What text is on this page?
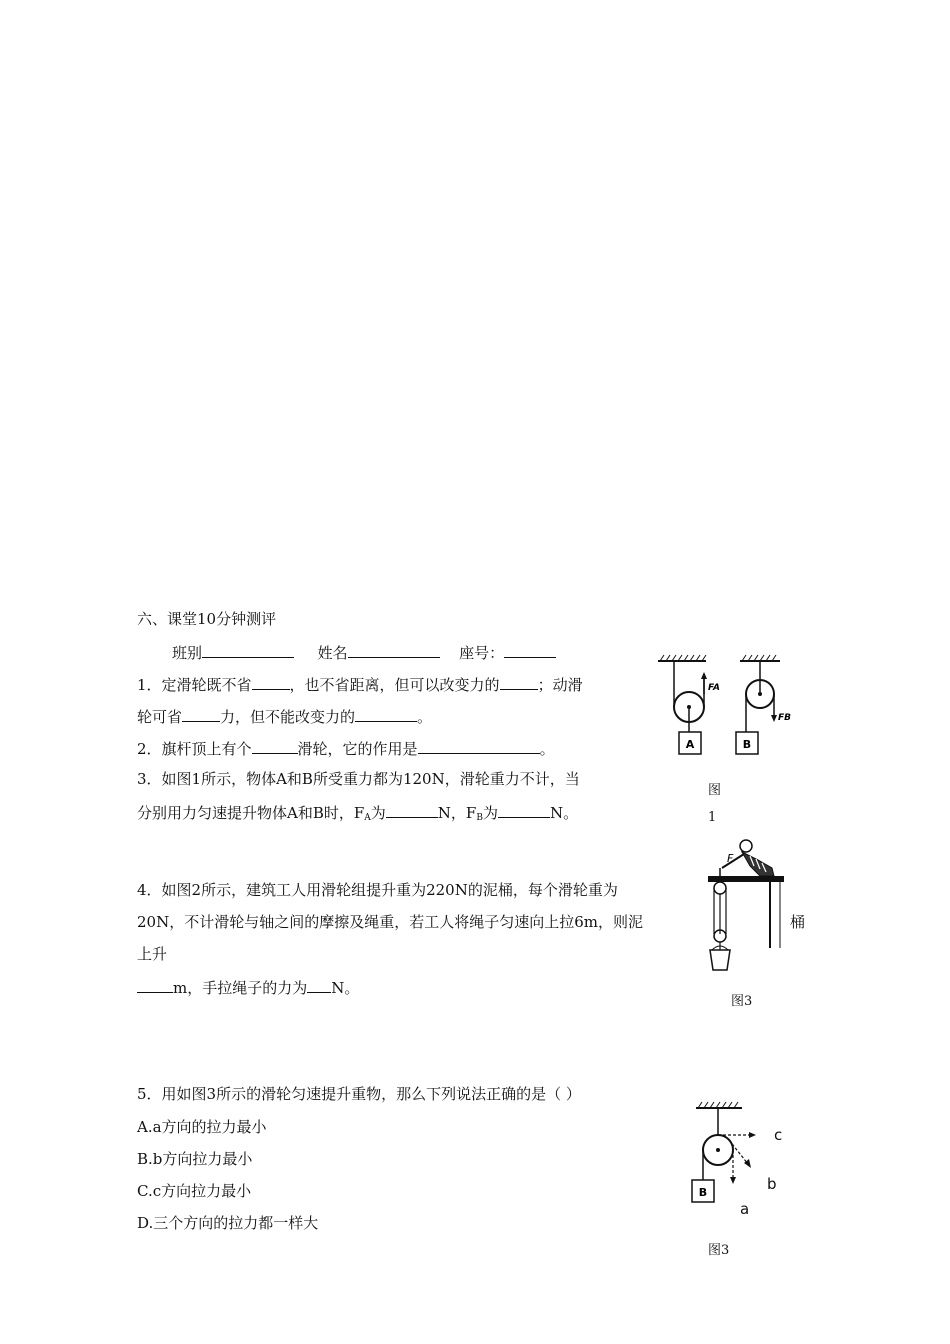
六、课堂10分钟测评
班别	姓名	座号：
1．定滑轮既不省	，也不省距离，但可以改变力的	；动滑
轮可省	力，但不能改变力的	。
2．旗杆顶上有个	滑轮，它的作用是	。
3．如图1所示，物体A和B所受重力都为120N，滑轮重力不计，当
分别用力匀速提升物体A和B时，$F_A$为	N，$F_B$为	N。
A
FA
FB
B
图
1
4．如图2所示，建筑工人用滑轮组提升重为220N的泥桶，每个滑轮重为
20N，不计滑轮与轴之间的摩擦及绳重，若工人将绳子匀速向上拉6m，则泥	桶
上升
m，手拉绳子的力为 N。
F
图3
5．用如图3所示的滑轮匀速提升重物，那么下列说法正确的是（ ）
A.a方向的拉力最小
B.b方向拉力最小
C.c方向拉力最小
D.三个方向的拉力都一样大
B
c
b
a
图3
